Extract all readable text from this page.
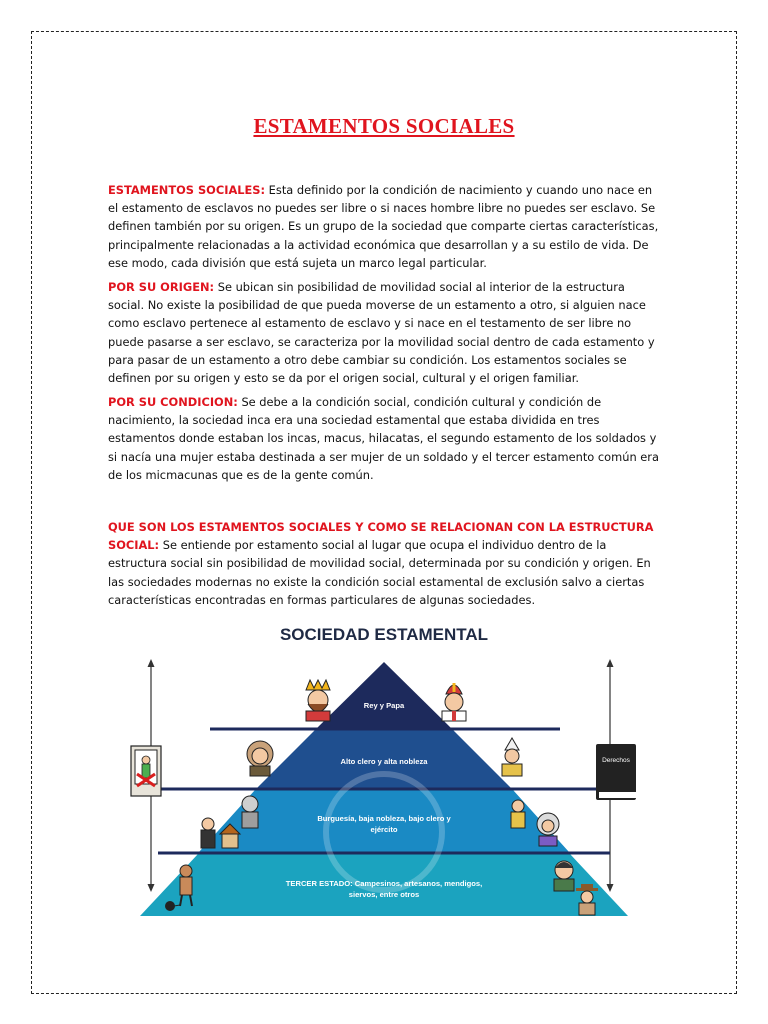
ESTAMENTOS SOCIALES

ESTAMENTOS SOCIALES: Esta definido por la condición de nacimiento y cuando uno nace en el estamento de esclavos no puedes ser libre o si naces hombre libre no puedes ser esclavo. Se definen también por su origen. Es un grupo de la sociedad que comparte ciertas características, principalmente relacionadas a la actividad económica que desarrollan y a su estilo de vida. De ese modo, cada división que está sujeta un marco legal particular.

POR SU ORIGEN: Se ubican sin posibilidad de movilidad social al interior de la estructura social. No existe la posibilidad de que pueda moverse de un estamento a otro, si alguien nace como esclavo pertenece al estamento de esclavo y si nace en el testamento de ser libre no puede pasarse a ser esclavo, se caracteriza por la movilidad social dentro de cada estamento y para pasar de un estamento a otro debe cambiar su condición. Los estamentos sociales se definen por su origen y esto se da por el origen social, cultural y el origen familiar.

POR SU CONDICION: Se debe a la condición social, condición cultural y condición de nacimiento, la sociedad inca era una sociedad estamental que estaba dividida en tres estamentos donde estaban los incas, macus, hilacatas, el segundo estamento de los soldados y si nacía una mujer estaba destinada a ser mujer de un soldado y el tercer estamento común era de los micmacunas que es de la gente común.

QUE SON LOS ESTAMENTOS SOCIALES Y COMO SE RELACIONAN CON LA ESTRUCTURA SOCIAL: Se entiende por estamento social al lugar que ocupa el individuo dentro de la estructura social sin posibilidad de movilidad social, determinada por su condición y origen. En las sociedades modernas no existe la condición social estamental de exclusión salvo a ciertas características encontradas en formas particulares de algunas sociedades.

SOCIEDAD ESTAMENTAL
Rey y Papa
Alto clero y alta nobleza
Burguesía, baja nobleza, bajo clero y
ejército
TERCER ESTADO: Campesinos, artesanos, mendigos,
siervos, entre otros
Derechos
